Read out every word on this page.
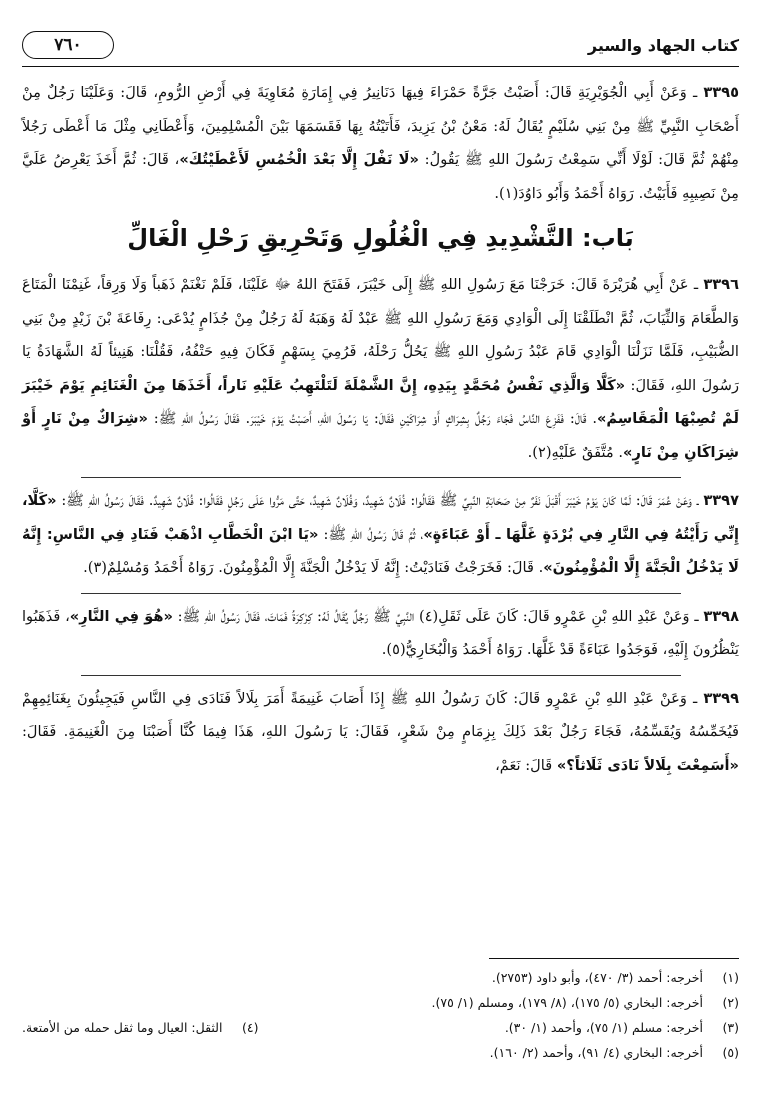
كتاب الجهاد والسير
٧٦٠

٣٣٩٥ ـ وَعَنْ أَبِي الْجُوَيْرِيَةِ قَالَ: أَصَبْتُ جَرَّةً حَمْرَاءَ فِيهَا دَنَانِيرُ فِي إِمَارَةِ مُعَاوِيَةَ فِي أَرْضِ الرُّومِ، قَالَ: وَعَلَيْنَا رَجُلٌ مِنْ أَصْحَابِ النَّبِيِّ ﷺ مِنْ بَنِي سُلَيْمٍ يُقَالُ لَهُ: مَعْنُ بْنُ يَزِيدَ، فَأَتَيْتُهُ بِهَا فَقَسَمَهَا بَيْنَ الْمُسْلِمِينَ، وَأَعْطَانِي مِثْلَ مَا أَعْطَى رَجُلاً مِنْهُمْ ثُمَّ قَالَ: لَوْلَا أَنِّي سَمِعْتُ رَسُولَ اللهِ ﷺ يَقُولُ: «لَا نَفْلَ إِلَّا بَعْدَ الْخُمُسِ لَأَعْطَيْتُكَ»، قَالَ: ثُمَّ أَخَذَ يَعْرِضُ عَلَيَّ مِنْ نَصِيبِهِ فَأَبَيْتُ. رَوَاهُ أَحْمَدُ وَأَبُو دَاوُدَ(١).

بَاب: التَّشْدِيدِ فِي الْغُلُولِ وَتَحْرِيقِ رَحْلِ الْغَالِّ

٣٣٩٦ ـ عَنْ أَبِي هُرَيْرَةَ قَالَ: خَرَجْنَا مَعَ رَسُولِ اللهِ ﷺ إِلَى خَيْبَرَ، فَفَتَحَ اللهُ ﷻ عَلَيْنَا، فَلَمْ نَغْنَمْ ذَهَباً وَلَا وَرِقاً، غَنِمْنَا الْمَتَاعَ وَالطَّعَامَ وَالثِّيَابَ، ثُمَّ انْطَلَقْنَا إِلَى الْوَادِي وَمَعَ رَسُولِ اللهِ ﷺ عَبْدٌ لَهُ وَهَبَهُ لَهُ رَجُلٌ مِنْ جُذَامٍ يُدْعَى: رِفَاعَةَ بْنَ زَيْدٍ مِنْ بَنِي الضُّبَيْبِ، فَلَمَّا نَزَلْنَا الْوَادِي قَامَ عَبْدُ رَسُولِ اللهِ ﷺ يَحُلُّ رَحْلَهُ، فَرُمِيَ بِسَهْمٍ فَكَانَ فِيهِ حَتْفُهُ، فَقُلْنَا: هَنِيئاً لَهُ الشَّهَادَةُ يَا رَسُولَ اللهِ، فَقَالَ: «كَلَّا وَالَّذِي نَفْسُ مُحَمَّدٍ بِيَدِهِ، إِنَّ الشَّمْلَةَ لَتَلْتَهِبُ عَلَيْهِ نَاراً، أَخَذَهَا مِنَ الْغَنَائِمِ يَوْمَ خَيْبَرَ لَمْ تُصِبْهَا الْمَقَاسِمُ». قَالَ: فَفَزِعَ النَّاسُ فَجَاءَ رَجُلٌ بِشِرَاكٍ أَوْ شِرَاكَيْنِ فَقَالَ: يَا رَسُولَ اللهِ، أَصَبْتُ يَوْمَ خَيْبَرَ. فَقَالَ رَسُولُ اللهِ ﷺ: «شِرَاكٌ مِنْ نَارٍ أَوْ شِرَاكَانِ مِنْ نَارٍ». مُتَّفَقٌ عَلَيْهِ(٢).

٣٣٩٧ ـ وَعَنْ عُمَرَ قَالَ: لَمَّا كَانَ يَوْمُ خَيْبَرَ أَقْبَلَ نَفَرٌ مِنْ صَحَابَةِ النَّبِيِّ ﷺ فَقَالُوا: فُلَانٌ شَهِيدٌ، وَفُلَانٌ شَهِيدٌ، حَتَّى مَرُّوا عَلَى رَجُلٍ فَقَالُوا: فُلَانٌ شَهِيدٌ. فَقَالَ رَسُولُ اللهِ ﷺ: «كَلَّا، إِنِّي رَأَيْتُهُ فِي النَّارِ فِي بُرْدَةٍ غَلَّهَا ـ أَوْ عَبَاءَةٍ»، ثُمَّ قَالَ رَسُولُ اللهِ ﷺ: «يَا ابْنَ الْخَطَّابِ اذْهَبْ فَنَادِ فِي النَّاسِ: إِنَّهُ لَا يَدْخُلُ الْجَنَّةَ إِلَّا الْمُؤْمِنُونَ». قَالَ: فَخَرَجْتُ فَنَادَيْتُ: إِنَّهُ لَا يَدْخُلُ الْجَنَّةَ إِلَّا الْمُؤْمِنُونَ. رَوَاهُ أَحْمَدُ وَمُسْلِمٌ(٣).

٣٣٩٨ ـ وَعَنْ عَبْدِ اللهِ بْنِ عَمْرٍو قَالَ: كَانَ عَلَى ثَقَلِ(٤) النَّبِيِّ ﷺ رَجُلٌ يُقَالُ لَهُ: كِرْكِرَةُ فَمَاتَ، فَقَالَ رَسُولُ اللهِ ﷺ: «هُوَ فِي النَّارِ»، فَذَهَبُوا يَنْظُرُونَ إِلَيْهِ، فَوَجَدُوا عَبَاءَةً قَدْ غَلَّهَا. رَوَاهُ أَحْمَدُ وَالْبُخَارِيُّ(٥).

٣٣٩٩ ـ وَعَنْ عَبْدِ اللهِ بْنِ عَمْرٍو قَالَ: كَانَ رَسُولُ اللهِ ﷺ إِذَا أَصَابَ غَنِيمَةً أَمَرَ بِلَالاً فَنَادَى فِي النَّاسِ فَيَجِيئُونَ بِغَنَائِمِهِمْ فَيُخَمِّسُهُ وَيُقَسِّمُهُ، فَجَاءَ رَجُلٌ بَعْدَ ذَلِكَ بِزِمَامٍ مِنْ شَعْرٍ، فَقَالَ: يَا رَسُولَ اللهِ، هَذَا فِيمَا كُنَّا أَصَبْنَا مِنَ الْغَنِيمَةِ. فَقَالَ: «أَسَمِعْتَ بِلَالاً نَادَى ثَلَاثاً؟» قَالَ: نَعَمْ،

(١)أخرجه: أحمد (٣/ ٤٧٠)، وأبو داود (٢٧٥٣).
(٢)أخرجه: البخاري (٥/ ١٧٥)، (٨/ ١٧٩)، ومسلم (١/ ٧٥).
(٣)أخرجه: مسلم (١/ ٧٥)، وأحمد (١/ ٣٠).
(٤)الثقل: العيال وما ثقل حمله من الأمتعة.
(٥)أخرجه: البخاري (٤/ ٩١)، وأحمد (٢/ ١٦٠).
